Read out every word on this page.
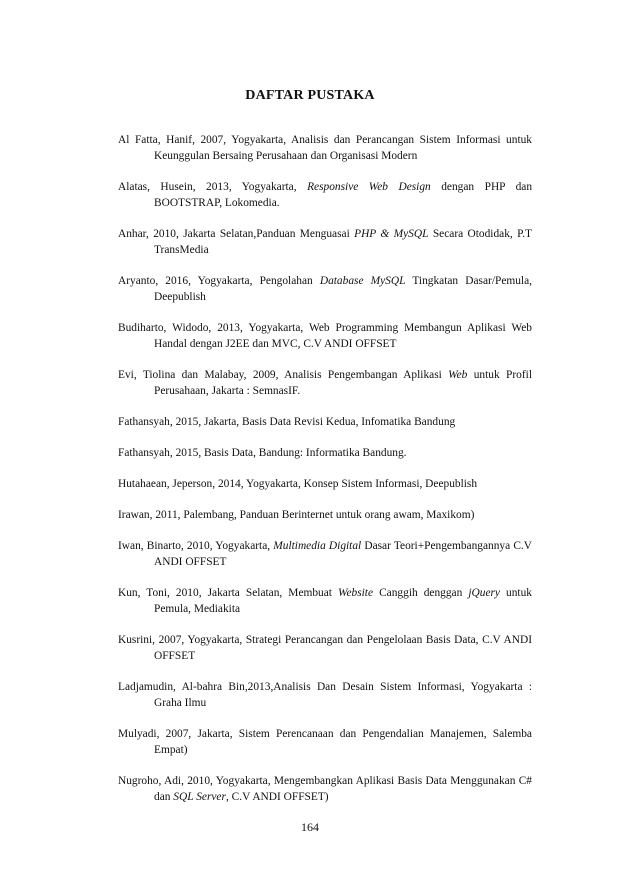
DAFTAR PUSTAKA
Al Fatta, Hanif, 2007, Yogyakarta, Analisis dan Perancangan Sistem Informasi untuk Keunggulan Bersaing Perusahaan dan Organisasi Modern
Alatas, Husein, 2013, Yogyakarta, Responsive Web Design dengan PHP dan BOOTSTRAP, Lokomedia.
Anhar, 2010, Jakarta Selatan,Panduan Menguasai PHP & MySQL Secara Otodidak, P.T TransMedia
Aryanto, 2016, Yogyakarta, Pengolahan Database MySQL Tingkatan Dasar/Pemula, Deepublish
Budiharto, Widodo, 2013, Yogyakarta, Web Programming Membangun Aplikasi Web Handal dengan J2EE dan MVC, C.V ANDI OFFSET
Evi, Tiolina dan Malabay, 2009, Analisis Pengembangan Aplikasi Web untuk Profil Perusahaan, Jakarta : SemnasIF.
Fathansyah, 2015, Jakarta, Basis Data Revisi Kedua, Infomatika Bandung
Fathansyah, 2015, Basis Data, Bandung: Informatika Bandung.
Hutahaean, Jeperson, 2014, Yogyakarta, Konsep Sistem Informasi, Deepublish
Irawan, 2011, Palembang, Panduan Berinternet untuk orang awam, Maxikom)
Iwan, Binarto, 2010, Yogyakarta, Multimedia Digital Dasar Teori+Pengembangannya C.V ANDI OFFSET
Kun, Toni, 2010, Jakarta Selatan, Membuat Website Canggih denggan jQuery untuk Pemula, Mediakita
Kusrini, 2007, Yogyakarta, Strategi Perancangan dan Pengelolaan Basis Data, C.V ANDI OFFSET
Ladjamudin, Al-bahra Bin,2013,Analisis Dan Desain Sistem Informasi, Yogyakarta : Graha Ilmu
Mulyadi, 2007, Jakarta, Sistem Perencanaan dan Pengendalian Manajemen, Salemba Empat)
Nugroho, Adi, 2010, Yogyakarta, Mengembangkan Aplikasi Basis Data Menggunakan C# dan SQL Server, C.V ANDI OFFSET)
164
